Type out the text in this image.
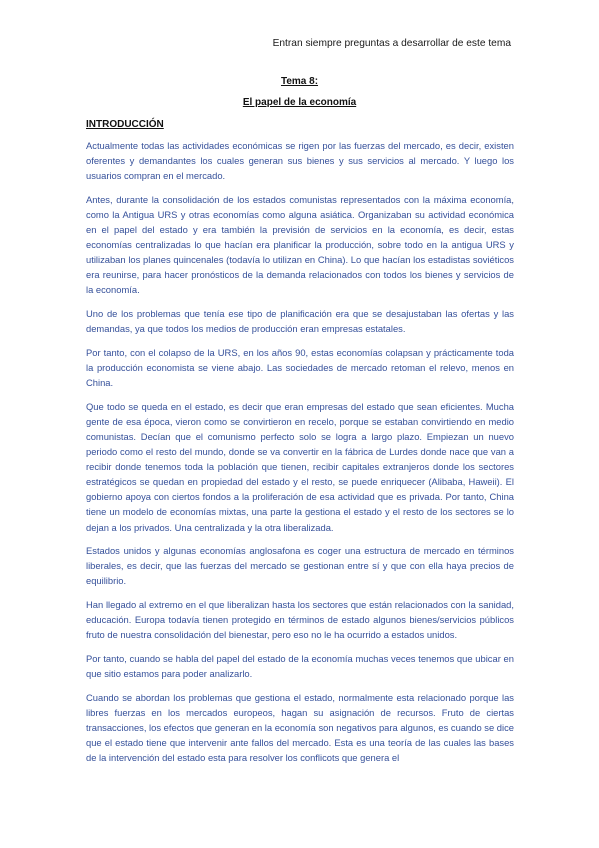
Entran siempre preguntas a desarrollar de este tema
Tema 8:
El papel de la economía
INTRODUCCIÓN

Actualmente todas las actividades económicas se rigen por las fuerzas del mercado, es decir, existen oferentes y demandantes los cuales generan sus bienes y sus servicios al mercado. Y luego los usuarios compran en el mercado.

Antes, durante la consolidación de los estados comunistas representados con la máxima economía, como la Antigua URS y otras economías como alguna asiática. Organizaban su actividad económica en el papel del estado y era también la previsión de servicios en la economía, es decir, estas economías centralizadas lo que hacían era planificar la producción, sobre todo en la antigua URS y utilizaban los planes quincenales (todavía lo utilizan en China). Lo que hacían los estadistas soviéticos era reunirse, para hacer pronósticos de la demanda relacionados con todos los bienes y servicios de la economía.

Uno de los problemas que tenía ese tipo de planificación era que se desajustaban las ofertas y las demandas, ya que todos los medios de producción eran empresas estatales.

Por tanto, con el colapso de la URS, en los años 90, estas economías colapsan y prácticamente toda la producción economista se viene abajo. Las sociedades de mercado retoman el relevo, menos en China.

Que todo se queda en el estado, es decir que eran empresas del estado que sean eficientes. Mucha gente de esa época, vieron como se convirtieron en recelo, porque se estaban convirtiendo en medio comunistas. Decían que el comunismo perfecto solo se logra a largo plazo. Empiezan un nuevo periodo como el resto del mundo, donde se va convertir en la fábrica de Lurdes donde nace que van a recibir donde tenemos toda la población que tienen, recibir capitales extranjeros donde los sectores estratégicos se quedan en propiedad del estado y el resto, se puede enriquecer (Alibaba, Haweii). El gobierno apoya con ciertos fondos a la proliferación de esa actividad que es privada. Por tanto, China tiene un modelo de economías mixtas, una parte la gestiona el estado y el resto de los sectores se lo dejan a los privados. Una centralizada y la otra liberalizada.

Estados unidos y algunas economías anglosafona es coger una estructura de mercado en términos liberales, es decir, que las fuerzas del mercado se gestionan entre sí y que con ella haya precios de equilibrio.

Han llegado al extremo en el que liberalizan hasta los sectores que están relacionados con la sanidad, educación. Europa todavía tienen protegido en términos de estado algunos bienes/servicios públicos fruto de nuestra consolidación del bienestar, pero eso no le ha ocurrido a estados unidos.

Por tanto, cuando se habla del papel del estado de la economía muchas veces tenemos que ubicar en que sitio estamos para poder analizarlo.

Cuando se abordan los problemas que gestiona el estado, normalmente esta relacionado porque las libres fuerzas en los mercados europeos, hagan su asignación de recursos. Fruto de ciertas transacciones, los efectos que generan en la economía son negativos para algunos, es cuando se dice que el estado tiene que intervenir ante fallos del mercado. Esta es una teoría de las cuales las bases de la intervención del estado esta para resolver los conflicots que genera el
